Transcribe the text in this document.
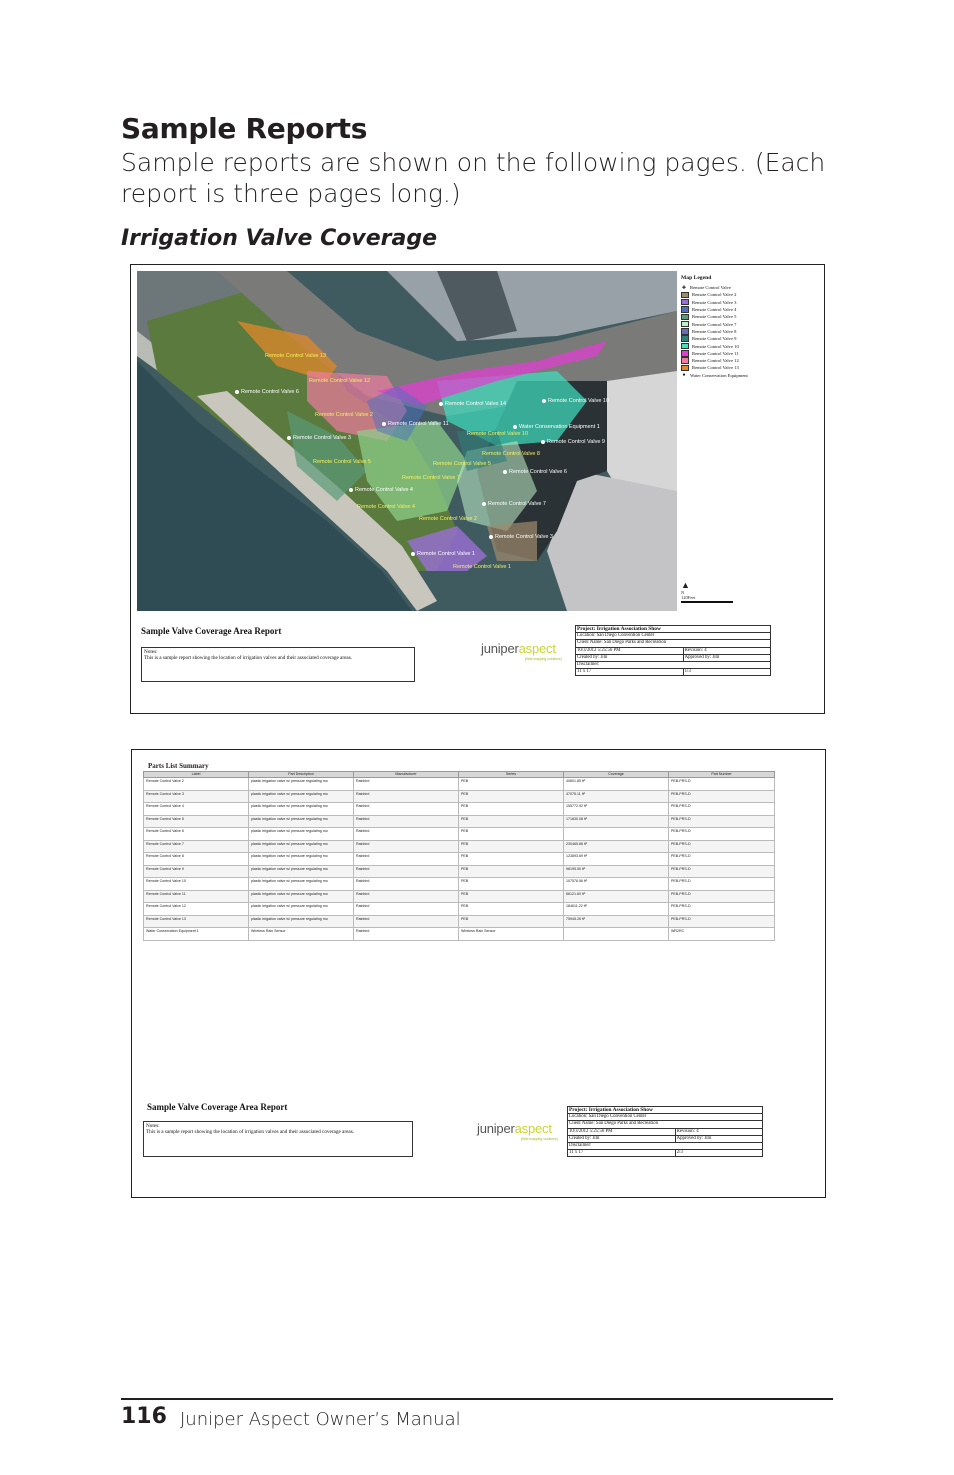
Sample Reports
Sample reports are shown on the following pages. (Each report is three pages long.)
Irrigation Valve Coverage
Remote Control Valve 13
Remote Control Valve 12
Remote Control Valve 6
Remote Control Valve 2
Remote Control Valve 11
Remote Control Valve 14	Remote Control Valve 10
Water Conservation Equipment 1
Remote Control Valve 3
Remote Control Valve 10
Remote Control Valve 9
Remote Control Valve 8
Remote Control Valve 5	Remote Control Valve 5
Remote Control Valve 7
Remote Control Valve 6
Remote Control Valve 4
Remote Control Valve 4	Remote Control Valve 7
Remote Control Valve 2
Remote Control Valve 3
Remote Control Valve 1
Remote Control Valve 1
Map Legend
✚ Remote Control Valve
Remote Control Valve 2
Remote Control Valve 3
Remote Control Valve 4
Remote Control Valve 5
Remote Control Valve 7
Remote Control Valve 8
Remote Control Valve 9
Remote Control Valve 10
Remote Control Valve 11
Remote Control Valve 12
Remote Control Valve 13
● Water Conservation Equipment
▲
N
120Feet
Sample Valve Coverage Area Report
Notes:
This is a sample report showing the location of irrigation valves and their associated coverage areas.
juniperaspect
{field mapping solutions}
Project: Irrigation Association Show	
Location: San Diego Convention Center	
Client Name: San Diego Parks and Recreation	
10/3/2012 5:25:56 PM	Revision: 4
Created by: Jim	Approved by: Jim
Disclaimer:	
11 x 17	1/3
Parts List Summary
Label	Part Description	Manufacturer	Series	Coverage	Part Number
Remote Control Valve 2	plastic irrigation valve w/ pressure regulating mo	Rainbird	PEB	40801.85 ft²	PEB-PRS-D
Remote Control Valve 3	plastic irrigation valve w/ pressure regulating mo	Rainbird	PEB	47075.11 ft²	PEB-PRS-D
Remote Control Valve 4	plastic irrigation valve w/ pressure regulating mo	Rainbird	PEB	155772.92 ft²	PEB-PRS-D
Remote Control Valve 5	plastic irrigation valve w/ pressure regulating mo	Rainbird	PEB	171830.08 ft²	PEB-PRS-D
Remote Control Valve 6	plastic irrigation valve w/ pressure regulating mo	Rainbird	PEB		PEB-PRS-D
Remote Control Valve 7	plastic irrigation valve w/ pressure regulating mo	Rainbird	PEB	230465.86 ft²	PEB-PRS-D
Remote Control Valve 8	plastic irrigation valve w/ pressure regulating mo	Rainbird	PEB	123893.69 ft²	PEB-PRS-D
Remote Control Valve 9	plastic irrigation valve w/ pressure regulating mo	Rainbird	PEB	98195.50 ft²	PEB-PRS-D
Remote Control Valve 10	plastic irrigation valve w/ pressure regulating mo	Rainbird	PEB	107576.56 ft²	PEB-PRS-D
Remote Control Valve 11	plastic irrigation valve w/ pressure regulating mo	Rainbird	PEB	66121.60 ft²	PEB-PRS-D
Remote Control Valve 12	plastic irrigation valve w/ pressure regulating mo	Rainbird	PEB	184611.22 ft²	PEB-PRS-D
Remote Control Valve 13	plastic irrigation valve w/ pressure regulating mo	Rainbird	PEB	75945.26 ft²	PEB-PRS-D
Water Conservation Equipment 1	Wireless Rain Sensor	Rainbird	Wireless Rain Sensor		WR2RC
Sample Valve Coverage Area Report
Notes:
This is a sample report showing the location of irrigation valves and their associated coverage areas.	juniperaspect
{field mapping solutions}
Project: Irrigation Association Show	
Location: San Diego Convention Center	
Client Name: San Diego Parks and Recreation	
10/3/2012 5:25:56 PM	Revision: 4
Created by: Jim	Approved by: Jim
Disclaimer:	
11 x 17	2/3
116 Juniper Aspect Owner’s Manual
